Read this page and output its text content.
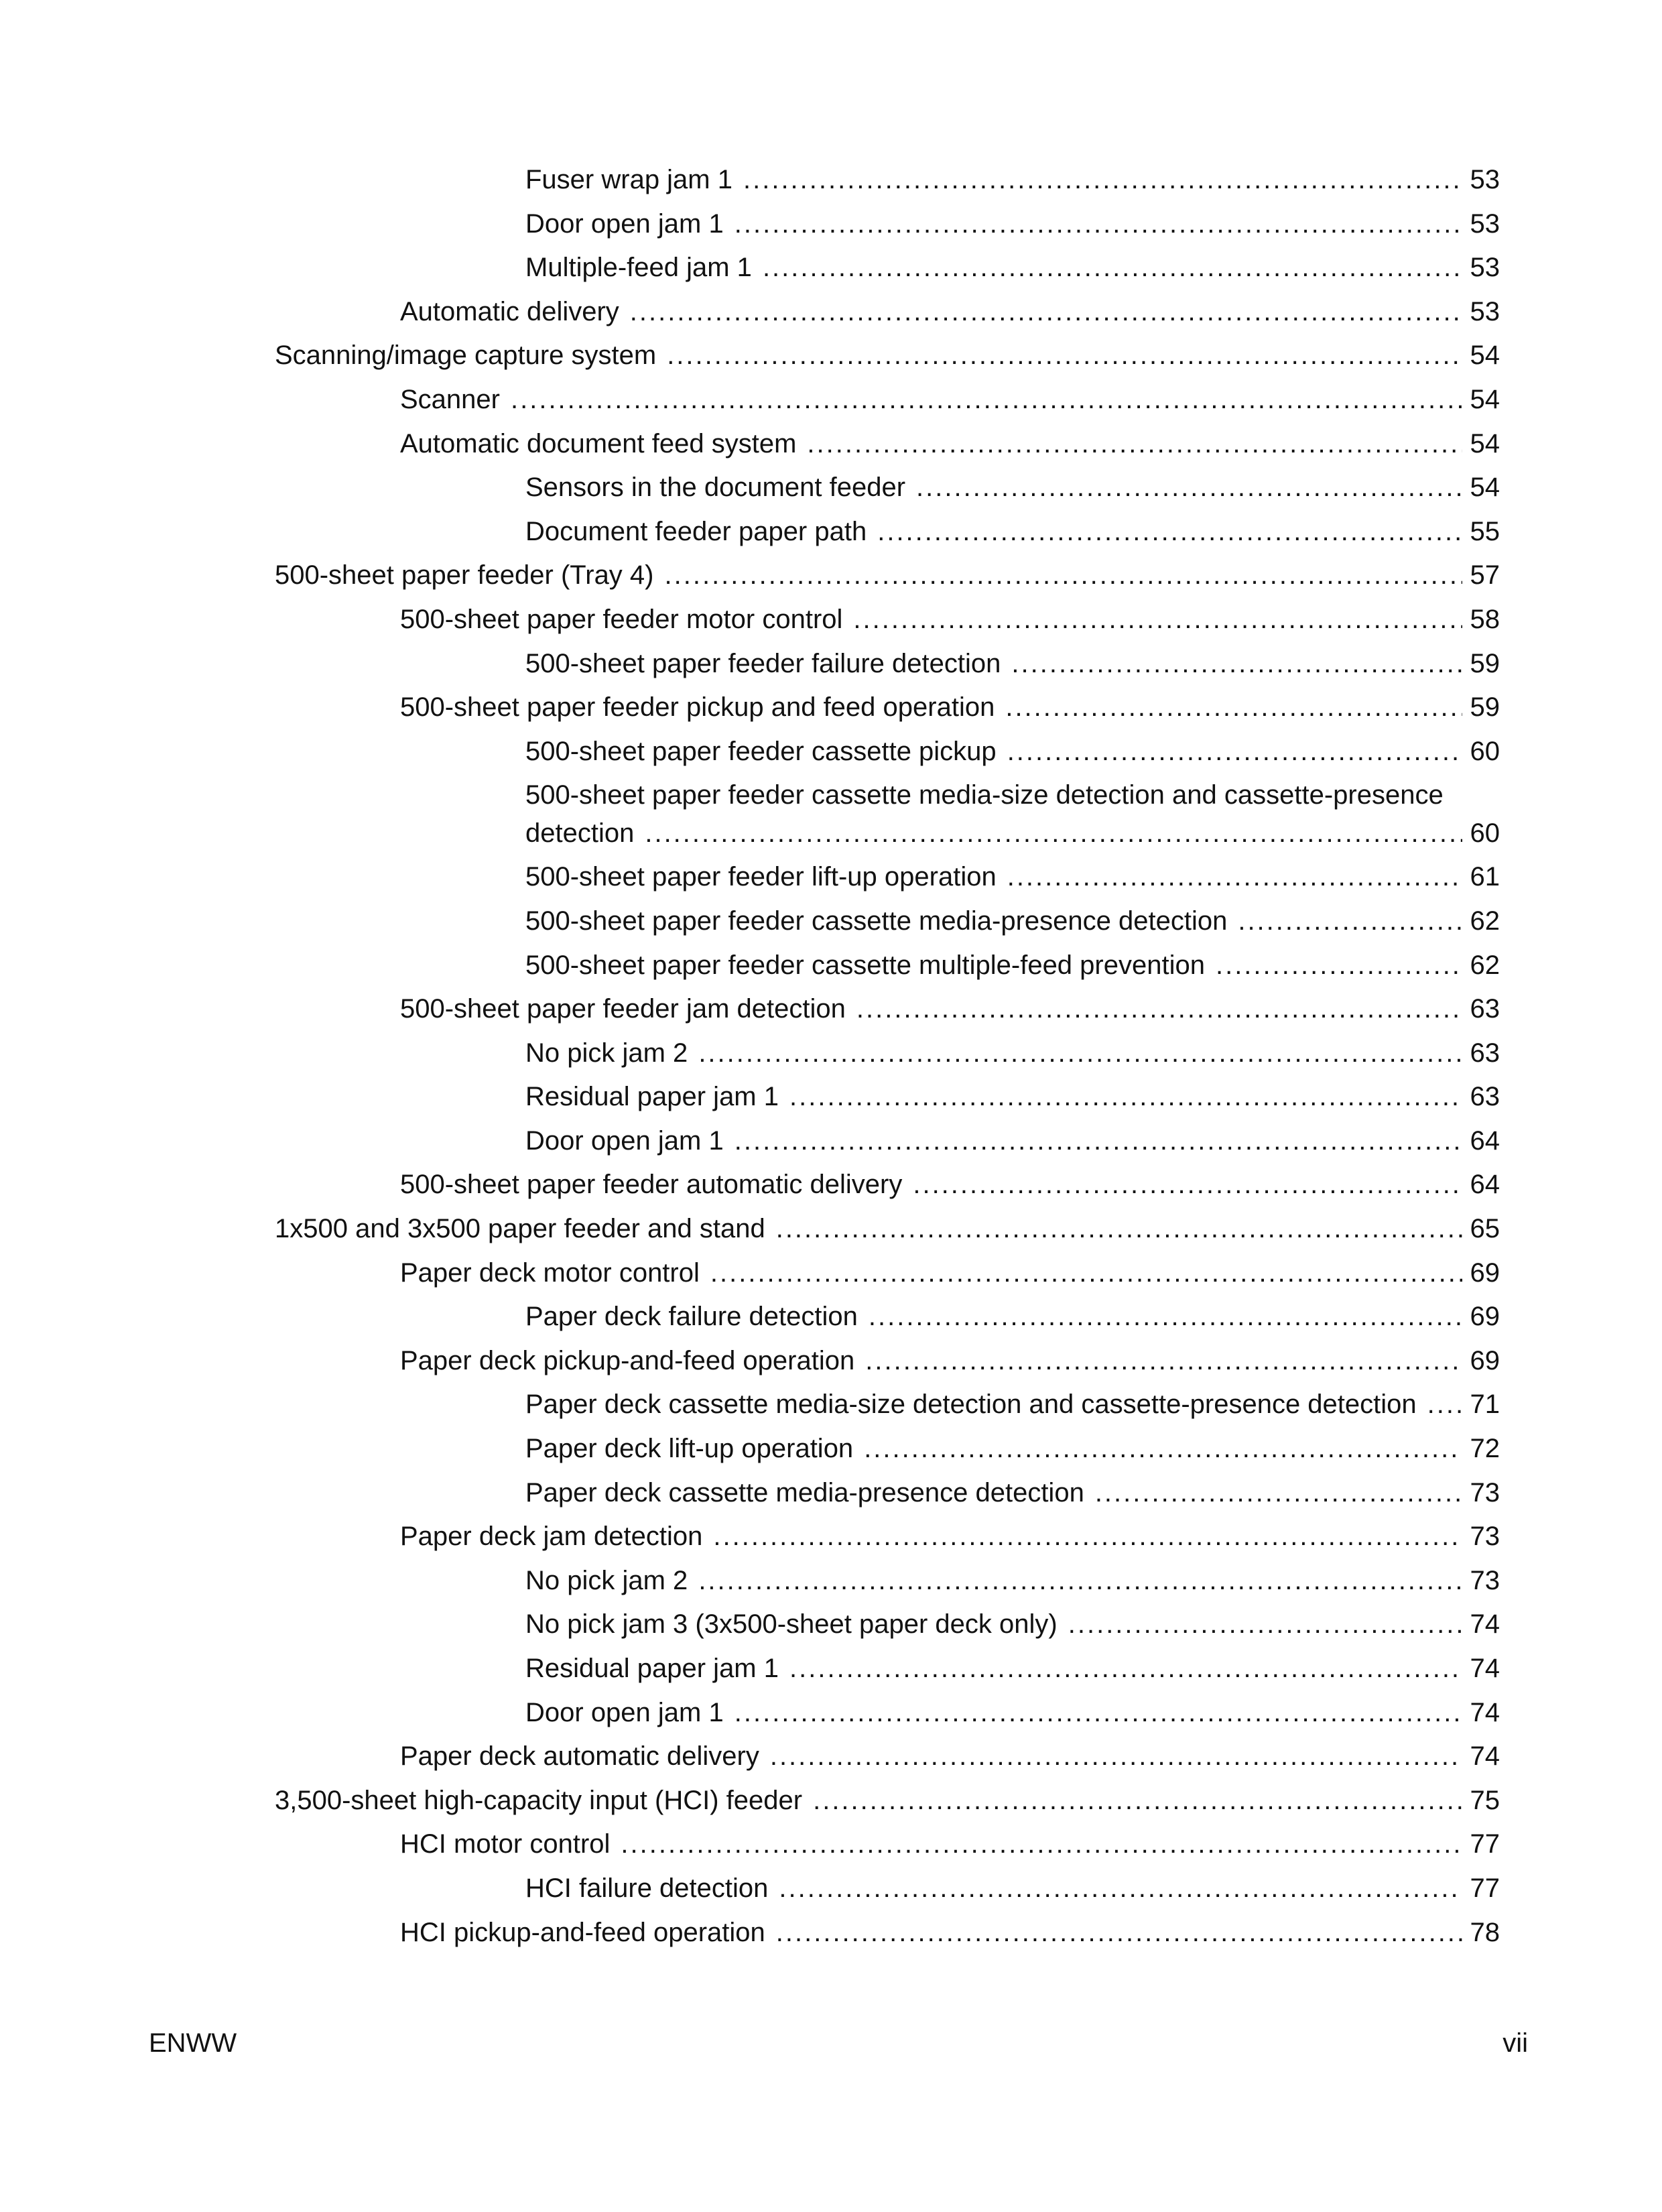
Fuser wrap jam 1 .....	53
Door open jam 1 .....	53
Multiple-feed jam 1 .....	53
Automatic delivery .....	53
Scanning/image capture system .....	54
Scanner .....	54
Automatic document feed system .....	54
Sensors in the document feeder .....	54
Document feeder paper path .....	55
500-sheet paper feeder (Tray 4) .....	57
500-sheet paper feeder motor control .....	58
500-sheet paper feeder failure detection .....	59
500-sheet paper feeder pickup and feed operation .....	59
500-sheet paper feeder cassette pickup .....	60
500-sheet paper feeder cassette media-size detection and cassette-presence
detection .....	60
500-sheet paper feeder lift-up operation .....	61
500-sheet paper feeder cassette media-presence detection .....	62
500-sheet paper feeder cassette multiple-feed prevention .....	62
500-sheet paper feeder jam detection .....	63
No pick jam 2 .....	63
Residual paper jam 1 .....	63
Door open jam 1 .....	64
500-sheet paper feeder automatic delivery .....	64
1x500 and 3x500 paper feeder and stand .....	65
Paper deck motor control .....	69
Paper deck failure detection .....	69
Paper deck pickup-and-feed operation .....	69
Paper deck cassette media-size detection and cassette-presence detection .....	71
Paper deck lift-up operation .....	72
Paper deck cassette media-presence detection .....	73
Paper deck jam detection .....	73
No pick jam 2 .....	73
No pick jam 3 (3x500-sheet paper deck only) .....	74
Residual paper jam 1 .....	74
Door open jam 1 .....	74
Paper deck automatic delivery .....	74
3,500-sheet high-capacity input (HCI) feeder .....	75
HCI motor control .....	77
HCI failure detection .....	77
HCI pickup-and-feed operation .....	78
ENWW	vii
